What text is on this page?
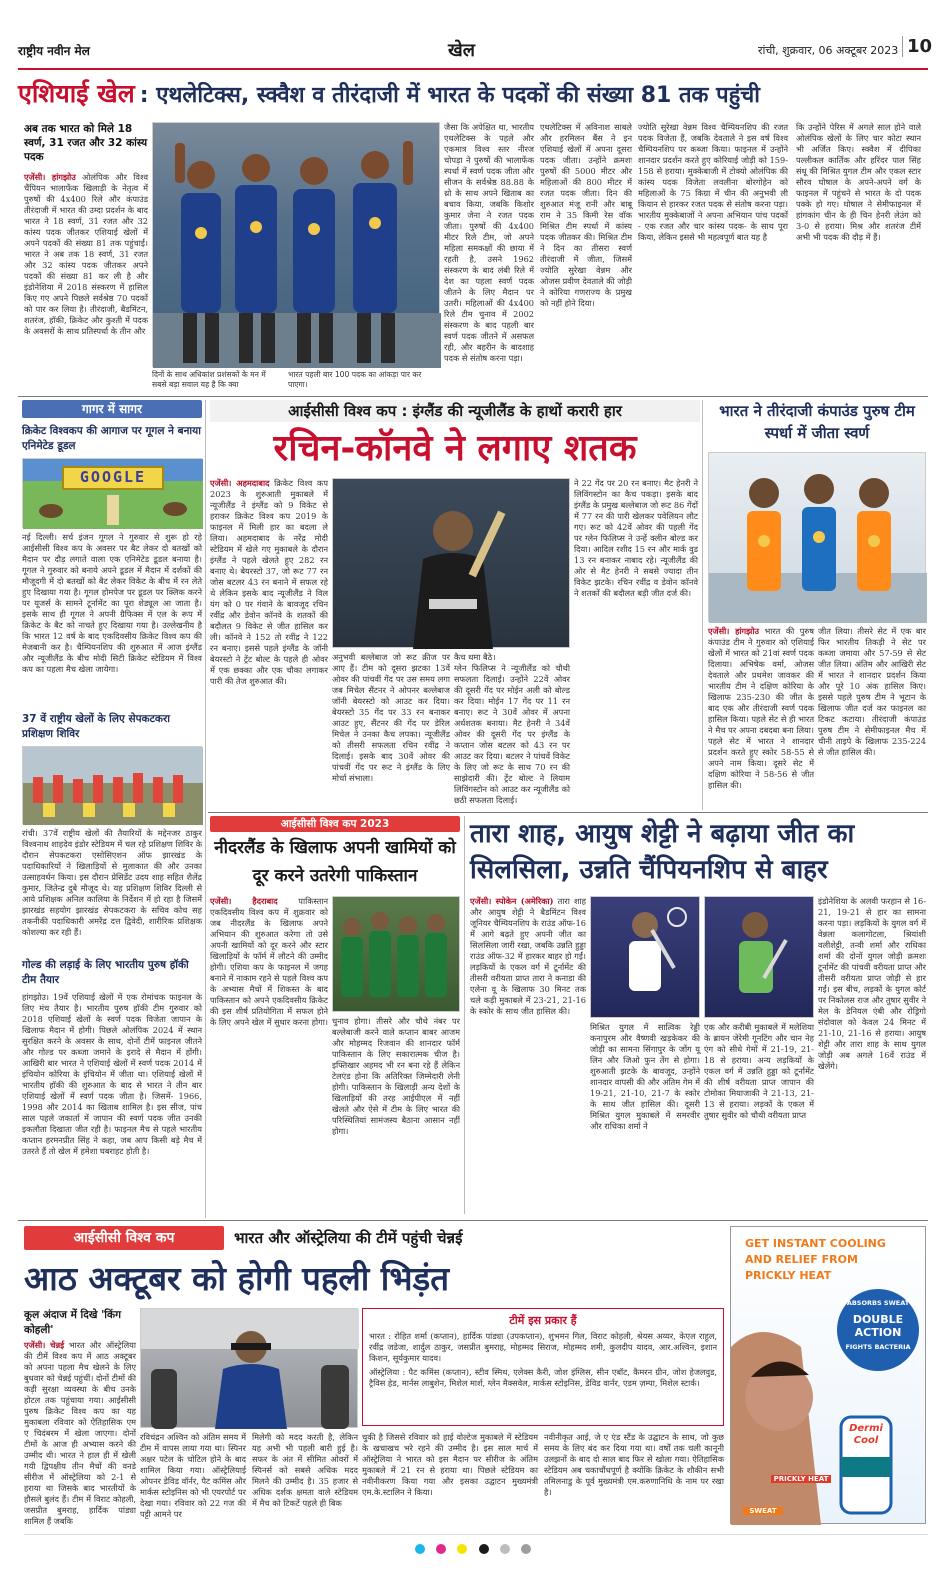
राष्ट्रीय नवीन मेल	खेल	रांची, शुक्रवार, 06 अक्टूबर 2023 10
एशियाई खेल : एथलेटिक्स, स्क्वैश व तीरंदाजी में भारत के पदकों की संख्या 81 तक पहुंची
अब तक भारत को मिले 18 स्वर्ण, 31 रजत और 32 कांस्य पदक
एजेंसी। हांगझोउ ओलंपिक और विश्व चैंपियन भालाफेंक खिलाड़ी के नेतृत्व में पुरुषों की 4x400 रिले और कंपाउंड तीरंदाजी में भारत की उम्दा प्रदर्शन के बाद भारत ने 18 स्वर्ण, 31 रजत और 32 कांस्य पदक जीतकर एशियाई खेलों में अपने पदकों की संख्या 81 तक पहुंचाई। भारत ने अब तक 18 स्वर्ण, 31 रजत और 32 कांस्य पदक जीतकर अपने पदकों की संख्या 81 कर ली है और इंडोनेशिया में 2018 संस्करण में हासिल किए गए अपने पिछले सर्वश्रेष्ठ 70 पदकों को पार कर लिया है। तीरंदाजी, बैडमिंटन, शतरंज, हॉकी, क्रिकेट और कुश्ती में पदक के अवसरों के साथ प्रतिस्पर्धा के तीन और
दिनों के साथ अधिकांश प्रशंसकों के मन में सबसे बड़ा सवाल यह है कि क्या
भारत पहली बार 100 पदक का आंकड़ा पार कर पाएगा।
जैसा कि अपेक्षित था, भारतीय एथलेटिक्स के पहले और एकमात्र विश्व स्तर नीरज चोपड़ा ने पुरुषों की भालाफेंक स्पर्धा में स्वर्ण पदक जीता और सीजन के सर्वश्रेष्ठ 88.88 के थ्रो के साथ अपने खिताब का बचाव किया, जबकि किशोर कुमार जेना ने रजत पदक जीता। पुरुषों की 4x400 मीटर रिले टीम, जो अपने महिला समकक्षों की छाया में रहती है, उसने 1962 संस्करण के बाद लंबी रिले में देश का पहला स्वर्ण पदक जीतने के लिए मैदान पर उतरी। महिलाओं की 4x400 रिले टीम चुनाव में 2002 संस्करण के बाद पहली बार स्वर्ण पदक जीतने में असफल रही, और बहरीन के बादशाह पदक से संतोष करना पड़ा।
एथलेटिक्स में अविनाश साबले और हरमिलन बैंस ने इन एशियाई खेलों में अपना दूसरा पदक जीता। उन्होंने क्रमशः पुरुषों की 5000 मीटर और महिलाओं की 800 मीटर में रजत पदक जीता। दिन की शुरुआत मंजू रानी और बाबू राम ने 35 किमी रेस वॉक मिश्रित टीम स्पर्धा में कांस्य पदक जीतकर की। मिश्रित टीम ने दिन का तीसरा स्वर्ण तीरंदाजी में जीता, जिसमें ज्योति सुरेखा वेन्नम और ओजस प्रवीण देवताले की जोड़ी ने कोरिया गणराज्य के प्रमुख को नहीं होने दिया।
ज्योति सुरेखा वेन्नम विश्व चैम्पियनशिप की रजत पदक विजेता हैं, जबकि देवताले ने इस वर्ष विश्व चैम्पियनशिप पर कब्जा किया। फाइनल में उन्होंने शानदार प्रदर्शन करते हुए कोरियाई जोड़ी को 159-158 से हराया। मुक्केबाजी में टोक्यो ओलंपिक की कांस्य पदक विजेता लवलीना बोरगोहेन को महिलाओं के 75 किग्रा में चीन की अनुभवी ली कियान से हारकर रजत पदक से संतोष करना पड़ा। भारतीय मुक्केबाजों ने अपना अभियान पांच पदकों - एक रजत और चार कांस्य पदक- के साथ पूरा किया, लेकिन इससे भी महत्वपूर्ण बात यह है
कि उन्होंने पेरिस में अगले साल होने वाले ओलंपिक खेलों के लिए चार कोटा स्थान भी अर्जित किए। स्क्वैश में दीपिका पल्लीकल कार्तिक और हरिंदर पाल सिंह संधू की मिश्रित युगल टीम और एकल स्टार सौरव घोषाल के अपने-अपने वर्ग के फाइनल में पहुंचने से भारत के दो पदक पक्के हो गए। घोषाल ने सेमीफाइनल में हांगकांग चीन के ही चिन हेनरी लेउंग को 3-0 से हराया। मिश्र और शतरंज टीमें अभी भी पदक की दौड़ में हैं।
गागर में सागर
क्रिकेट विश्वकप की आगाज पर गूगल ने बनाया एनिमेटेड डूडल
GOOGLE
नई दिल्ली। सर्च इंजन गूगल ने गुरुवार से शुरू हो रहे आईसीसी विश्व कप के अवसर पर बैट लेकर दो बतखों को मैदान पर दौड़ लगाते वाला एक एनिमेटेड डूडल बनाया है। गूगल ने गुरुवार को बनाये अपने डूडल में मैदान में दर्शकों की मौजूदगी में दो बतखों को बैट लेकर विकेट के बीच में रन लेते हुए दिखाया गया है। गूगल होमपेज पर डूडल पर क्लिक करने पर यूजर्स के सामने टूर्नामेंट का पूरा शेड्यूल आ जाता है। इसके साथ ही गूगल ने अपनी ग्रैफिक्स में एल के रूप में क्रिकेट के बैट को नाचते हुए दिखाया गया है। उल्लेखनीय है कि भारत 12 वर्ष के बाद एकदिवसीय क्रिकेट विश्व कप की मेजबानी कर है। चैम्पियनशिप की शुरुआत में आज इंग्लैंड और न्यूजीलैंड के बीच मोदी सिटी क्रिकेट स्टेडियम में विश्व कप का पहला मैच खेला जायेगा।
37 वें राष्ट्रीय खेलों के लिए सेपकटकरा प्रशिक्षण शिविर
रांची। 37वें राष्ट्रीय खेलों की तैयारियों के मद्देनजर ठाकुर विश्वनाथ शाहदेव इंडोर स्टेडियम में चल रहे प्रशिक्षण शिविर के दौरान सेपकटकरा एसोसिएशन ऑफ झारखंड के पदाधिकारियों ने खिलाड़ियों से मुलाकात की और उनका उत्साहवर्धन किया। इस दौरान प्रेसिडेंट उदय शाह सहित शैलेंद्र कुमार, जितेन्द्र दुबे मौजूद थे। यह प्रशिक्षण शिविर दिल्ली से आये प्रशिक्षक अनिल कालिया के निर्देशन में हो रहा है जिसमें झारखंड सहयोग झारखंड सेपकटकरा के सचिव कोच सह तकनीकी पदाधिकारी अमरेंद्र दत्त द्विवेदी, शारीरिक प्रशिक्षक कोशल्या कर रही हैं।
गोल्ड की लड़ाई के लिए भारतीय पुरुष हॉकी टीम तैयार
हांगझोउ। 19वें एशियाई खेलों में एक रोमांचक फाइनल के लिए मंच तैयार है। भारतीय पुरुष हॉकी टीम गुरुवार को 2018 एशियाई खेलों के स्वर्ण पदक विजेता जापान के खिलाफ मैदान में होगी। पिछले ओलंपिक 2024 में स्थान सुरक्षित करने के अवसर के साथ, दोनों टीमें फाइनल जीतने और गोल्ड पर कब्जा जमाने के इरादे से मैदान में होंगी। आखिरी बार भारत ने एशियाई खेलों में स्वर्ण पदक 2014 में इंचियोन कोरिया के इंचियोन में जीता था। एशियाई खेलों में भारतीय हॉकी की शुरुआत के बाद से भारत ने तीन बार एशियाई खेलों में स्वर्ण पदक जीता है। जिसमें- 1966, 1998 और 2014 का खिताब शामिल है। इस सीज, पांच साल पहले जकार्ता में जापान की स्वर्ण पदक जीत उनकी इकलौता दिखाता जीत रही है। फाइनल मैच से पहले भारतीय कप्तान हरमनप्रीत सिंह ने कहा, जब आप किसी बड़े मैच में उतरते हैं तो खेल में हमेशा घबराहट होती है।
आईसीसी विश्व कप : इंग्लैंड की न्यूजीलैंड के हाथों करारी हार
रचिन-कॉनवे ने लगाए शतक
एजेंसी। अहमदाबाद क्रिकेट विश्व कप 2023 के शुरुआती मुकाबले में न्यूजीलैंड ने इंग्लैंड को 9 विकेट से हराकर क्रिकेट विश्व कप 2019 के फाइनल में मिली हार का बदला ले लिया। अहमदाबाद के नरेंद्र मोदी स्टेडियम में खेले गए मुकाबले के दौरान इंग्लैंड ने पहले खेलते हुए 282 रन बनाए थे। बेयरस्टो 37, जो रूट 77 रन जोस बटलर 43 रन बनाने में सफल रहे थे लेकिन इसके बाद न्यूजीलैंड ने विल यंग को 0 पर गंवाने के बावजूद रचिन रवींद्र और डेवोन कॉनवे के शतकों की बदौलत 9 विकेट से जीत हासिल कर ली। कॉनवे ने 152 तो रवींद्र ने 122 रन बनाए। इससे पहले इंग्लैंड के जॉनी बेयरस्टो ने ट्रेंट बोल्ट के पहले ही ओवर में एक छक्का और एक चौका लगाकर पारी की तेज शुरुआत की।
अनुभवी बल्लेबाज जो रूट क्रीज पर आए हैं। टीम को दूसरा झटका 13वें ओवर की पांचवीं गेंद पर उस समय लगा जब मिचेल सैंटनर ने ओपनर बल्लेबाज जॉनी बेयरस्टो को आउट कर दिया। बेयरस्टो 35 गेंद पर 33 रन बनाकर आउट हुए, सैंटनर की गेंद पर डेरिल मिचेल ने उनका कैच लपका। न्यूजीलैंड को तीसरी सफलता रचिन रवींद्र ने दिलाई। इसके बाद 30वें ओवर की पांचवीं गेंद पर रूट ने इंग्लैंड के लिए मोर्चा संभाला।
कैच थमा बैठे।
ग्लेन फिलिप्स ने न्यूजीलैंड को चौथी सफलता दिलाई। उन्होंने 22वें ओवर की दूसरी गेंद पर मोईन अली को बोल्ड कर दिया। मोईन 17 गेंद पर 11 रन बनाए। रूट ने 30वें ओवर में अपना अर्धशतक बनाया। मैट हेनरी ने 34वें ओवर की दूसरी गेंद पर इंग्लैंड के कप्तान जोस बटलर को 43 रन पर आउट कर दिया। बटलर ने पांचवें विकेट के लिए जो रूट के साथ 70 रन की साझेदारी की। ट्रेंट बोल्ट ने लियाम लिविंगस्टोन को आउट कर न्यूजीलैंड को छठी सफलता दिलाई।
ने 22 गेंद पर 20 रन बनाए। मैट हेनरी ने लिविंगस्टोन का कैच पकड़ा। इसके बाद इंग्लैंड के प्रमुख बल्लेबाज जो रूट 86 गेंदों में 77 रन की पारी खेलकर पवेलियन लौट गए। रूट को 42वें ओवर की पहली गेंद पर ग्लेन फिलिप्स ने उन्हें क्लीन बोल्ड कर दिया। आदिल रशीद 15 रन और मार्क वुड 13 रन बनाकर नाबाद रहे। न्यूजीलैंड की ओर से मैट हेनरी ने सबसे ज्यादा तीन विकेट झटके। रचिन रवींद्र व डेवोन कॉनवे ने शतकों की बदौलत बड़ी जीत दर्ज की।
भारत ने तीरंदाजी कंपाउंड पुरुष टीम स्पर्धा में जीता स्वर्ण
एजेंसी। हांगझोउ भारत की पुरुष कंपाउंड टीम ने गुरुवार को एशियाई खेलों में भारत को 21वां स्वर्ण पदक दिलाया। अभिषेक वर्मा, ओजस देवताले और प्रथमेश जावकर की भारतीय टीम ने दक्षिण कोरिया के खिलाफ 235-230 की जीत के बाद एक और तीरंदाजी स्वर्ण पदक हासिल किया। पहले सेट से ही भारत ने मैच पर अपना दबदबा बना लिया। पहले सेट में भारत ने शानदार प्रदर्शन करते हुए स्कोर 58-55 से अपने नाम किया। दूसरे सेट में दक्षिण कोरिया ने 58-56 से जीत हासिल की।
जीत लिया। तीसरे सेट में एक बार फिर भारतीय तिकड़ी ने सेट पर कब्जा जमाया और 57-59 से सेट जीत लिया। अंतिम और आखिरी सेट में भारत ने शानदार प्रदर्शन किया और पूरे 10 अंक हासिल किए। इससे पहले पुरुष टीम ने भूटान के खिलाफ जीत दर्ज कर फाइनल का टिकट कटाया। तीरंदाजी कंपाउंड पुरुष टीम ने सेमीफाइनल मैच में चीनी ताइपे के खिलाफ 235-224 से जीत हासिल की।
आईसीसी विश्व कप 2023
नीदरलैंड के खिलाफ अपनी खामियों को दूर करने उतरेगी पाकिस्तान
एजेंसी। हैदराबाद	पाकिस्तान एकदिवसीय विश्व कप में शुक्रवार को जब नीदरलैंड के खिलाफ अपने अभियान की शुरुआत करेगा तो उसे अपनी खामियों को दूर करने और स्टार खिलाड़ियों के फॉर्म में लौटने की उम्मीद होगी। एशिया कप के फाइनल में जगह बनाने में नाकाम रहने से पहले विश्व कप के अभ्यास मैचों में शिकस्त के बाद पाकिस्तान को अपने एकदिवसीय क्रिकेट की इस शीर्ष प्रतियोगिता में सफल होने के लिए अपने खेल में सुधार करना होगा। चुनाव होगा। तीसरे और चौथे नंबर पर बल्लेबाजी करने वाले कप्तान बाबर आजम और मोहम्मद रिजवान की शानदार फॉर्म पाकिस्तान के लिए सकारात्मक चीज है। इफ्तिखार अहमद भी रन बना रहे हैं लेकिन टेलएंड होना कि अतिरिक्त जिम्मेदारी लेनी होगी। पाकिस्तान के खिलाड़ी अन्य देशों के खिलाड़ियों की तरह आईपीएल में नहीं खेलते और ऐसे में टीम के लिए भारत की परिस्थितियां सामंजस्य बैठाना आसान नहीं होगा।
तारा शाह, आयुष शेट्टी ने बढ़ाया जीत का सिलसिला, उन्नति चैंपियनशिप से बाहर
एजेंसी। स्पोकेन (अमेरिका) तारा शाह और आयुष शेट्टी ने बैडमिंटन विश्व जूनियर चैम्पियनशिप के राउंड ऑफ-16 में आगे बढ़ते हुए अपनी जीत का सिलसिला जारी रखा, जबकि उन्नति हुड्डा राउंड ऑफ-32 में हारकर बाहर हो गईं। लड़कियों के एकल वर्ग में टूर्नामेंट की तीसरी वरीयता प्राप्त तारा ने कनाडा की एलेना वू के खिलाफ 30 मिनट तक चले कड़ी मुकाबले में 23-21, 21-16 के स्कोर के साथ जीत हासिल की।
मिश्रित युगल में सात्विक रेड्डी कनापुरम और वैष्णवी खड़केकर की जोड़ी का सामना सिंगापुर के जोंग यू लिन और जिओ फुन तेंग से होगा। शुरुआती झटके के बावजूद, उन्होंने शानदार वापसी की और अंतिम गेम में 19-21, 21-10, 21-7 के स्कोर के साथ जीत हासिल की। दूसरी मिश्रित युगल मुकाबले में समरवीर और राधिका शर्मा ने
एक और करीबी मुकाबले में मलेशिया के ब्रायन जेरेमी गूनटिंग और चान नेह एंग को सीधे गेमों में 21-19, 21-18 से हराया। अन्य लड़कियों के एकल वर्ग में उन्नति हुड्डा को टूर्नामेंट की शीर्ष वरीयता प्राप्त जापान की टोमोका मियाजाकी ने 21-13, 21-13 से हराया। लड़कों के एकल में तुषार सुवीर को चौथी वरीयता प्राप्त
इंडोनेशिया के अलवी फरहान से 16-21, 19-21 से हार का सामना करना पड़ा। लड़कियों के युगल वर्ग में वेन्नला कलागोटला, श्रियांशी वलीशेट्टी, तन्वी शर्मा और राधिका शर्मा की दोनों युगल जोड़ी क्रमशः टूर्नामेंट की पांचवीं वरीयता प्राप्त और तीसरी वरीयता प्राप्त जोड़ी से हार गईं। इस बीच, लड़कों के युगल कोर्ट पर निकोलस राज और तुषार सुवीर ने मेल के डेनियल एंबी और रोड्रिगो संदोवाल को केवल 24 मिनट में 21-10, 21-16 से हराया। आयुष शेट्टी और तारा शाह के साथ युगल जोड़ी अब अगले 16वें राउंड में खेलेंगे।
आईसीसी विश्व कप	भारत और ऑस्ट्रेलिया की टीमें पहुंची चेन्नई
आठ अक्टूबर को होगी पहली भिड़ंत
कूल अंदाज में दिखे 'किंग कोहली'
एजेंसी। चेन्नई भारत और ऑस्ट्रेलिया की टीमें विश्व कप में आठ अक्टूबर को अपना पहला मैच खेलने के लिए बुधवार को चेन्नई पहुंचीं। दोनों टीमों की कड़ी सुरक्षा व्यवस्था के बीच उनके होटल तक पहुंचाया गया। आईसीसी पुरुष क्रिकेट विश्व कप का यह मुकाबला रविवार को ऐतिहासिक एम ए चिदंबरम में खेला जाएगा। दोनों टीमों के आज ही अभ्यास करने की उम्मीद थी। भारत ने हाल ही में खेली गयी द्विपक्षीय तीन मैचों की वनडे सीरीज में ऑस्ट्रेलिया को 2-1 से हराया था जिसके बाद भारतीयों के हौसले बुलंद हैं। टीम में विराट कोहली, जसप्रीत बुमराह, हार्दिक पांड्या शामिल हैं जबकि
रविचंद्रन अश्विन को अंतिम समय में टीम में वापस लाया गया था। स्पिनर अक्षर पटेल के चोटिल होने के बाद शामिल किया गया। ऑस्ट्रेलियाई ओपनर डेविड वॉर्नर, पैट कमिंस और मार्कस स्टोइनिस को भी एयरपोर्ट पर देखा गया। रविवार को 22 गज की पट्टी आमने पर
मिलेगी को मदद करती है, लेकिन यह अभी भी पहली बारी हुई है। सफर के अंत में सीमित ओवरों में स्पिनर्स को सबसे अधिक मदद मिलने की उम्मीद है। 35 हजार से अधिक दर्शक क्षमता वाले स्टेडियम में मैच को टिकटें पहले ही बिक
टीमें इस प्रकार हैं
भारत : रोहित शर्मा (कप्तान), हार्दिक पांड्या (उपकप्तान), शुभमन गिल, विराट कोहली, श्रेयस अय्यर, केएल राहुल, रवींद्र जडेजा, शार्दुल ठाकुर, जसप्रीत बुमराह, मोहम्मद सिराज, मोहम्मद शमी, कुलदीप यादव, आर.अश्विन, इशान किशन, सूर्यकुमार यादव।
ऑस्ट्रेलिया : पैट कमिंस (कप्तान), स्टीव स्मिथ, एलेक्स कैरी, जोश इंग्लिस, सीन एबॉट, कैमरन ग्रीन, जोश हेजलवुड, ट्रैविस हेड, मार्नस लाबुशेन, मिशेल मार्श, ग्लेन मैक्सवेल, मार्कस स्टोइनिस, डेविड वार्नर, एडम ज़म्पा, मिशेल स्टार्क।
चुकी है जिससे रविवार को हाई वोल्टेज मुकाबले में स्टेडियम के खचाखच भरे रहने की उम्मीद है। इस साल मार्च में ऑस्ट्रेलिया ने भारत को इस मैदान पर सीरीज के अंतिम मुकाबले में 21 रन से हराया था। पिछले स्टेडियम का नवीनीकरण किया गया और इसका उद्घाटन मुख्यमंत्री एम.के.स्टालिन ने किया।
नवीनीकृत आई, जे ए एंड स्टैंड के उद्घाटन के साथ, जो कुछ समय के लिए बंद कर दिया गया था। वर्षों तक चली कानूनी उलझनों के बाद दो साल बाद फिर से खोला गया। ऐतिहासिक स्टेडियम अब चकाचौंधपूर्ण है क्योंकि क्रिकेट के शौकीन सभी तमिलनाडु के पूर्व मुख्यमंत्री एम.करुणानिधि के नाम पर रखा है।
GET INSTANT COOLING
AND RELIEF FROM
PRICKLY HEAT
ABSORBS SWEAT
DOUBLE
ACTION
FIGHTS BACTERIA
Dermi
Cool
PRICKLY HEAT
SWEAT
